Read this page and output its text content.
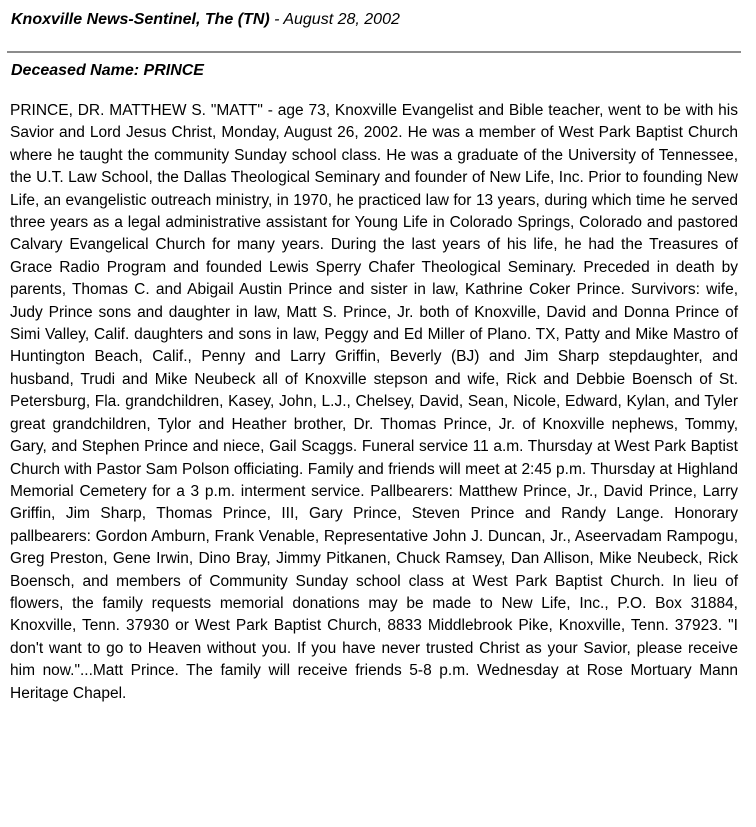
Knoxville News-Sentinel, The (TN) - August 28, 2002
Deceased Name: PRINCE

PRINCE, DR. MATTHEW S. "MATT" - age 73, Knoxville Evangelist and Bible teacher, went to be with his Savior and Lord Jesus Christ, Monday, August 26, 2002. He was a member of West Park Baptist Church where he taught the community Sunday school class. He was a graduate of the University of Tennessee, the U.T. Law School, the Dallas Theological Seminary and founder of New Life, Inc. Prior to founding New Life, an evangelistic outreach ministry, in 1970, he practiced law for 13 years, during which time he served three years as a legal administrative assistant for Young Life in Colorado Springs, Colorado and pastored Calvary Evangelical Church for many years. During the last years of his life, he had the Treasures of Grace Radio Program and founded Lewis Sperry Chafer Theological Seminary. Preceded in death by parents, Thomas C. and Abigail Austin Prince and sister in law, Kathrine Coker Prince. Survivors: wife, Judy Prince sons and daughter in law, Matt S. Prince, Jr. both of Knoxville, David and Donna Prince of Simi Valley, Calif. daughters and sons in law, Peggy and Ed Miller of Plano. TX, Patty and Mike Mastro of Huntington Beach, Calif., Penny and Larry Griffin, Beverly (BJ) and Jim Sharp stepdaughter, and husband, Trudi and Mike Neubeck all of Knoxville stepson and wife, Rick and Debbie Boensch of St. Petersburg, Fla. grandchildren, Kasey, John, L.J., Chelsey, David, Sean, Nicole, Edward, Kylan, and Tyler great grandchildren, Tylor and Heather brother, Dr. Thomas Prince, Jr. of Knoxville nephews, Tommy, Gary, and Stephen Prince and niece, Gail Scaggs. Funeral service 11 a.m. Thursday at West Park Baptist Church with Pastor Sam Polson officiating. Family and friends will meet at 2:45 p.m. Thursday at Highland Memorial Cemetery for a 3 p.m. interment service. Pallbearers: Matthew Prince, Jr., David Prince, Larry Griffin, Jim Sharp, Thomas Prince, III, Gary Prince, Steven Prince and Randy Lange. Honorary pallbearers: Gordon Amburn, Frank Venable, Representative John J. Duncan, Jr., Aseervadam Rampogu, Greg Preston, Gene Irwin, Dino Bray, Jimmy Pitkanen, Chuck Ramsey, Dan Allison, Mike Neubeck, Rick Boensch, and members of Community Sunday school class at West Park Baptist Church. In lieu of flowers, the family requests memorial donations may be made to New Life, Inc., P.O. Box 31884, Knoxville, Tenn. 37930 or West Park Baptist Church, 8833 Middlebrook Pike, Knoxville, Tenn. 37923. "I don't want to go to Heaven without you. If you have never trusted Christ as your Savior, please receive him now."...Matt Prince. The family will receive friends 5-8 p.m. Wednesday at Rose Mortuary Mann Heritage Chapel.
